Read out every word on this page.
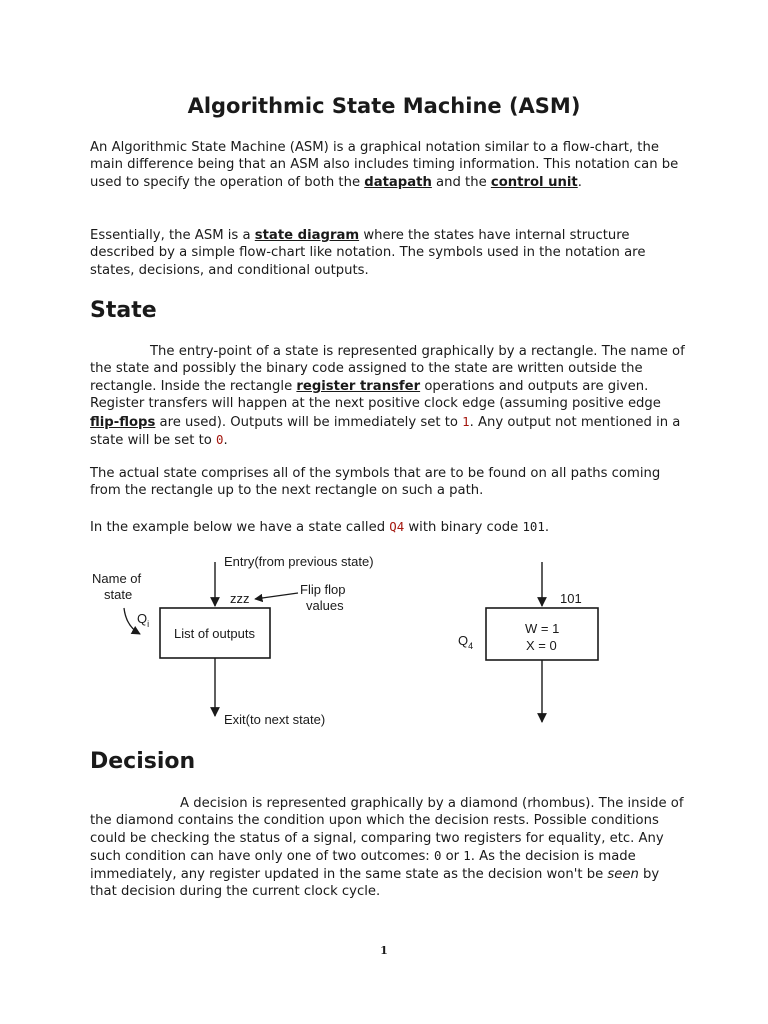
Algorithmic State Machine (ASM)

An Algorithmic State Machine (ASM) is a graphical notation similar to a flow-chart, the main difference being that an ASM also includes timing information. This notation can be used to specify the operation of both the datapath and the control unit.

Essentially, the ASM is a state diagram where the states have internal structure described by a simple flow-chart like notation. The symbols used in the notation are states, decisions, and conditional outputs.

State

The entry-point of a state is represented graphically by a rectangle. The name of the state and possibly the binary code assigned to the state are written outside the rectangle. Inside the rectangle register transfer operations and outputs are given. Register transfers will happen at the next positive clock edge (assuming positive edge flip-flops are used). Outputs will be immediately set to 1. Any output not mentioned in a state will be set to 0.

The actual state comprises all of the symbols that are to be found on all paths coming from the rectangle up to the next rectangle on such a path.

In the example below we have a state called Q4 with binary code 101.

Entry(from previous state)
Name of
state
$Q_i$
zzz
Flip flop
values
List of outputs
Exit(to next state)
101
$Q_4$
W = 1
X = 0
Decision

A decision is represented graphically by a diamond (rhombus). The inside of the diamond contains the condition upon which the decision rests. Possible conditions could be checking the status of a signal, comparing two registers for equality, etc. Any such condition can have only one of two outcomes: 0 or 1. As the decision is made immediately, any register updated in the same state as the decision won't be seen by that decision during the current clock cycle.

1
